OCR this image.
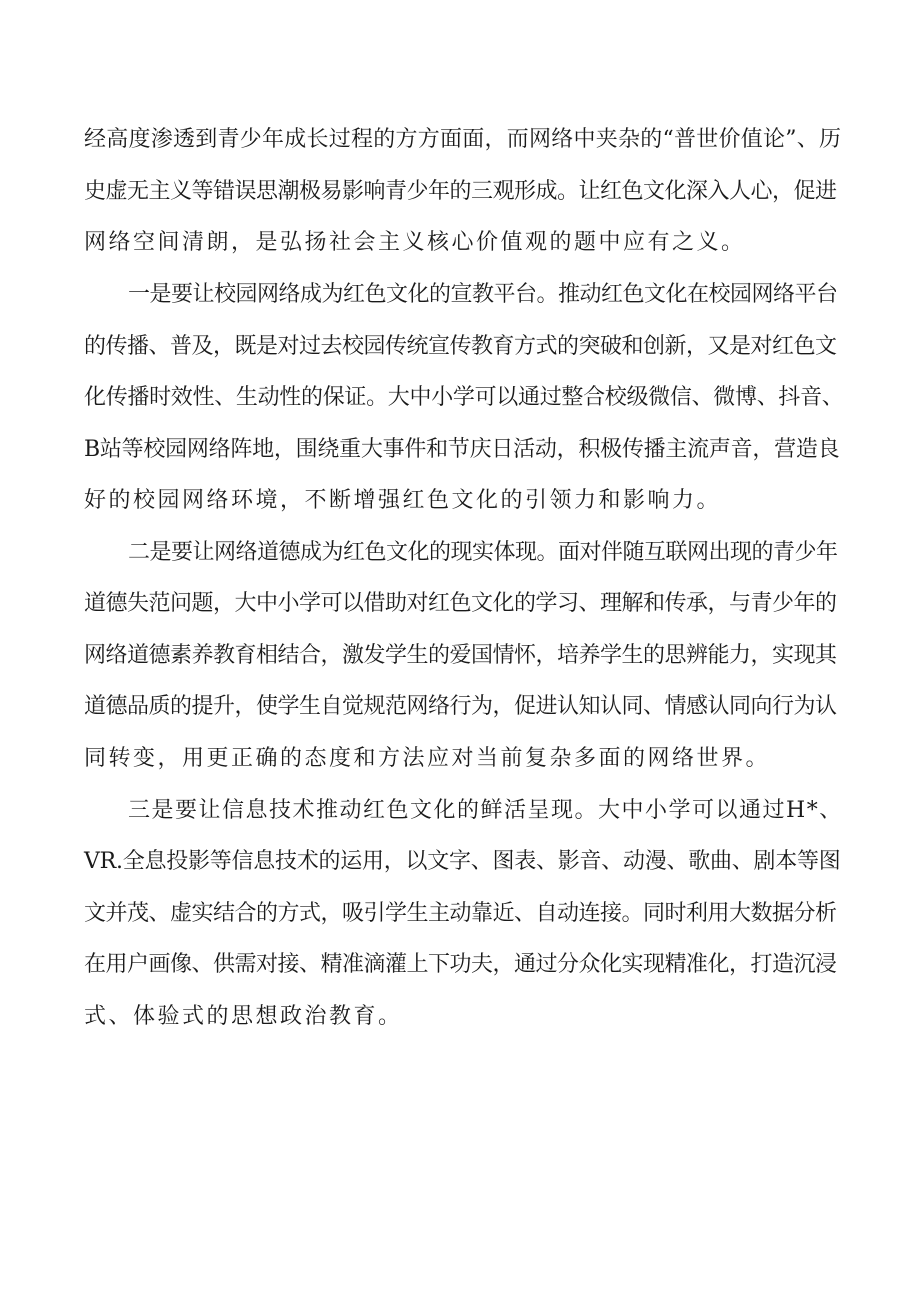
经高度渗透到青少年成长过程的方方面面，而网络中夹杂的“普世价值论”、历
史虚无主义等错误思潮极易影响青少年的三观形成。让红色文化深入人心，促进
网络空间清朗，是弘扬社会主义核心价值观的题中应有之义。
一是要让校园网络成为红色文化的宣教平台。推动红色文化在校园网络平台
的传播、普及，既是对过去校园传统宣传教育方式的突破和创新，又是对红色文
化传播时效性、生动性的保证。大中小学可以通过整合校级微信、微博、抖音、
B站等校园网络阵地，围绕重大事件和节庆日活动，积极传播主流声音，营造良
好的校园网络环境，不断增强红色文化的引领力和影响力。
二是要让网络道德成为红色文化的现实体现。面对伴随互联网出现的青少年
道德失范问题，大中小学可以借助对红色文化的学习、理解和传承，与青少年的
网络道德素养教育相结合，激发学生的爱国情怀，培养学生的思辨能力，实现其
道德品质的提升，使学生自觉规范网络行为，促进认知认同、情感认同向行为认
同转变，用更正确的态度和方法应对当前复杂多面的网络世界。
三是要让信息技术推动红色文化的鲜活呈现。大中小学可以通过H*、
VR.全息投影等信息技术的运用，以文字、图表、影音、动漫、歌曲、剧本等图
文并茂、虚实结合的方式，吸引学生主动靠近、自动连接。同时利用大数据分析
在用户画像、供需对接、精准滴灌上下功夫，通过分众化实现精准化，打造沉浸
式、体验式的思想政治教育。
